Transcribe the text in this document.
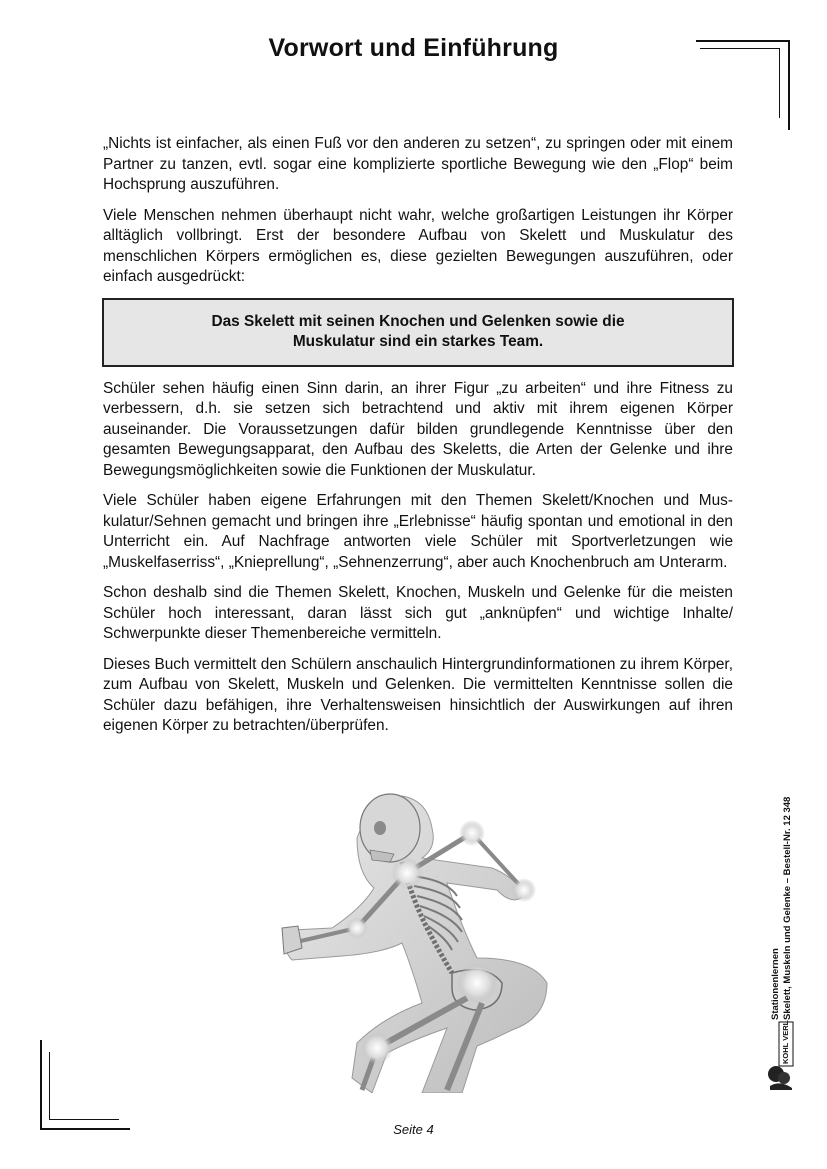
Vorwort und Einführung

„Nichts ist einfacher, als einen Fuß vor den anderen zu setzen“, zu springen oder mit einem Partner zu tanzen, evtl. sogar eine komplizierte sportliche Bewegung wie den „Flop“ beim Hochsprung auszuführen.

Viele Menschen nehmen überhaupt nicht wahr, welche großartigen Leistungen ihr Körper alltäglich vollbringt. Erst der besondere Aufbau von Skelett und Muskulatur des menschlichen Körpers ermöglichen es, diese gezielten Bewegungen auszuführen, oder einfach ausgedrückt:

Das Skelett mit seinen Knochen und Gelenken sowie die
Muskulatur sind ein starkes Team.

Schüler sehen häufig einen Sinn darin, an ihrer Figur „zu arbeiten“ und ihre Fitness zu verbessern, d.h. sie setzen sich betrachtend und aktiv mit ihrem eigenen Körper auseinander. Die Voraussetzungen dafür bilden grundlegende Kenntnisse über den gesamten Bewegungsapparat, den Aufbau des Skeletts, die Arten der Gelenke und ihre Bewegungsmöglichkeiten sowie die Funktionen der Muskulatur.

Viele Schüler haben eigene Erfahrungen mit den Themen Skelett/Knochen und Muskulatur/Sehnen gemacht und bringen ihre „Erlebnisse“ häufig spontan und emotional in den Unterricht ein. Auf Nachfrage antworten viele Schüler mit Sportverletzungen wie „Muskelfaserriss“, „Knieprellung“, „Sehnenzerrung“, aber auch Knochenbruch am Unterarm.

Schon deshalb sind die Themen Skelett, Knochen, Muskeln und Gelenke für die meisten Schüler hoch interessant, daran lässt sich gut „anknüpfen“ und wichtige Inhalte/ Schwerpunkte dieser Themenbereiche vermitteln.

Dieses Buch vermittelt den Schülern anschaulich Hintergrundinformationen zu ihrem Körper, zum Aufbau von Skelett, Muskeln und Gelenken. Die vermittelten Kenntnisse sollen die Schüler dazu befähigen, ihre Verhaltensweisen hinsichtlich der Auswirkungen auf ihren eigenen Körper zu betrachten/überprüfen.

Stationenlernen Skelett, Muskeln und Gelenke – Bestell-Nr. 12 348
KOHL VERLAG
Seite 4
